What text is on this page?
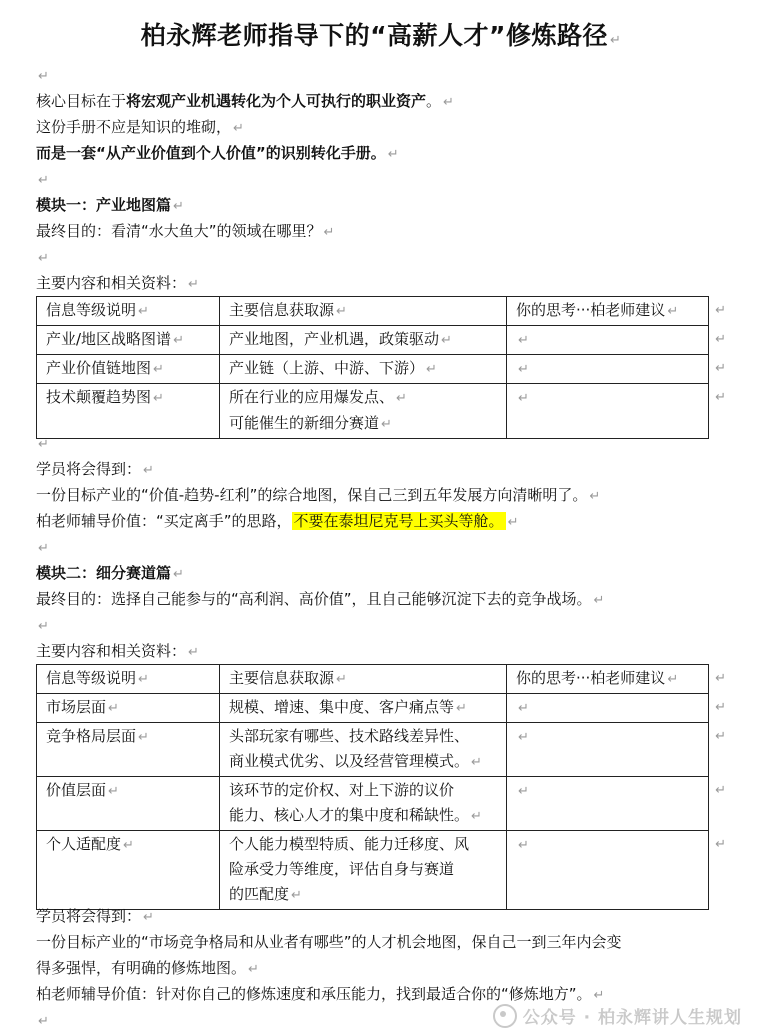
柏永辉老师指导下的“高薪人才”修炼路径 ↵
↵
核心目标在于将宏观产业机遇转化为个人可执行的职业资产。 ↵
这份手册不应是知识的堆砌， ↵
而是一套“从产业价值到个人价值”的识别转化手册。 ↵
↵
模块一：产业地图篇 ↵
最终目的：看清“水大鱼大”的领域在哪里？ ↵
↵
主要内容和相关资料： ↵
信息等级说明 ↵	主要信息获取源 ↵	你的思考···柏老师建议 ↵ ↵

产业/地区战略图谱 ↵	产业地图，产业机遇，政策驱动 ↵	↵ ↵

产业价值链地图 ↵	产业链（上游、中游、下游） ↵	↵ ↵

技术颠覆趋势图 ↵	所在行业的应用爆发点、 ↵
可能催生的新细分赛道 ↵	↵ ↵
↵
学员将会得到： ↵
一份目标产业的“价值-趋势-红利”的综合地图，保自己三到五年发展方向清晰明了。 ↵
柏老师辅导价值：“买定离手”的思路， 不要在泰坦尼克号上买头等舱。 ↵
↵
模块二：细分赛道篇 ↵
最终目的：选择自己能参与的“高利润、高价值”，且自己能够沉淀下去的竞争战场。 ↵
↵
主要内容和相关资料： ↵
信息等级说明 ↵	主要信息获取源 ↵	你的思考···柏老师建议 ↵ ↵

市场层面 ↵	规模、增速、集中度、客户痛点等 ↵	↵ ↵

竞争格局层面 ↵	头部玩家有哪些、技术路线差异性、
商业模式优劣、以及经营管理模式。 ↵	↵ ↵

价值层面 ↵	该环节的定价权、对上下游的议价
能力、核心人才的集中度和稀缺性。 ↵	↵ ↵

个人适配度 ↵	个人能力模型特质、能力迁移度、风
险承受力等维度，评估自身与赛道
的匹配度 ↵	↵ ↵
学员将会得到： ↵
一份目标产业的“市场竞争格局和从业者有哪些”的人才机会地图，保自己一到三年内会变
得多强悍，有明确的修炼地图。 ↵
柏老师辅导价值：针对你自己的修炼速度和承压能力，找到最适合你的“修炼地方”。 ↵
↵	公众号 · 柏永辉讲人生规划
